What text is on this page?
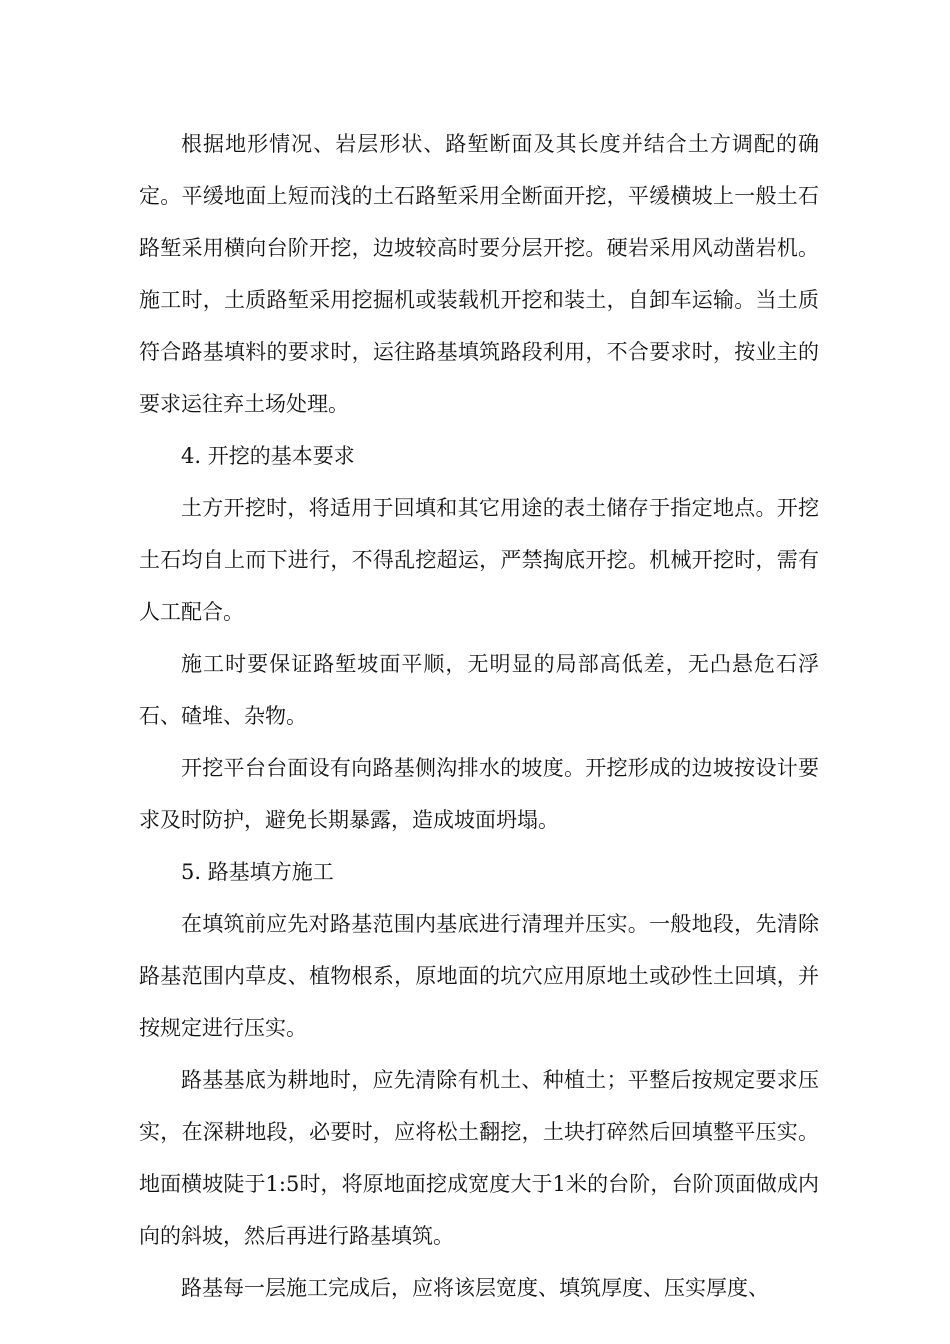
根据地形情况、岩层形状、路堑断面及其长度并结合土方调配的确定。平缓地面上短而浅的土石路堑采用全断面开挖，平缓横坡上一般土石路堑采用横向台阶开挖，边坡较高时要分层开挖。硬岩采用风动凿岩机。施工时，土质路堑采用挖掘机或装载机开挖和装土，自卸车运输。当土质符合路基填料的要求时，运往路基填筑路段利用，不合要求时，按业主的要求运往弃土场处理。

4. 开挖的基本要求

土方开挖时，将适用于回填和其它用途的表土储存于指定地点。开挖土石均自上而下进行，不得乱挖超运，严禁掏底开挖。机械开挖时，需有人工配合。

施工时要保证路堑坡面平顺，无明显的局部高低差，无凸悬危石浮石、碴堆、杂物。

开挖平台台面设有向路基侧沟排水的坡度。开挖形成的边坡按设计要求及时防护，避免长期暴露，造成坡面坍塌。

5. 路基填方施工

在填筑前应先对路基范围内基底进行清理并压实。一般地段，先清除路基范围内草皮、植物根系，原地面的坑穴应用原地土或砂性土回填，并按规定进行压实。

路基基底为耕地时，应先清除有机土、种植土；平整后按规定要求压实，在深耕地段，必要时，应将松土翻挖，土块打碎然后回填整平压实。地面横坡陡于1:5时，将原地面挖成宽度大于1米的台阶，台阶顶面做成内向的斜坡，然后再进行路基填筑。

路基每一层施工完成后，应将该层宽度、填筑厚度、压实厚度、
